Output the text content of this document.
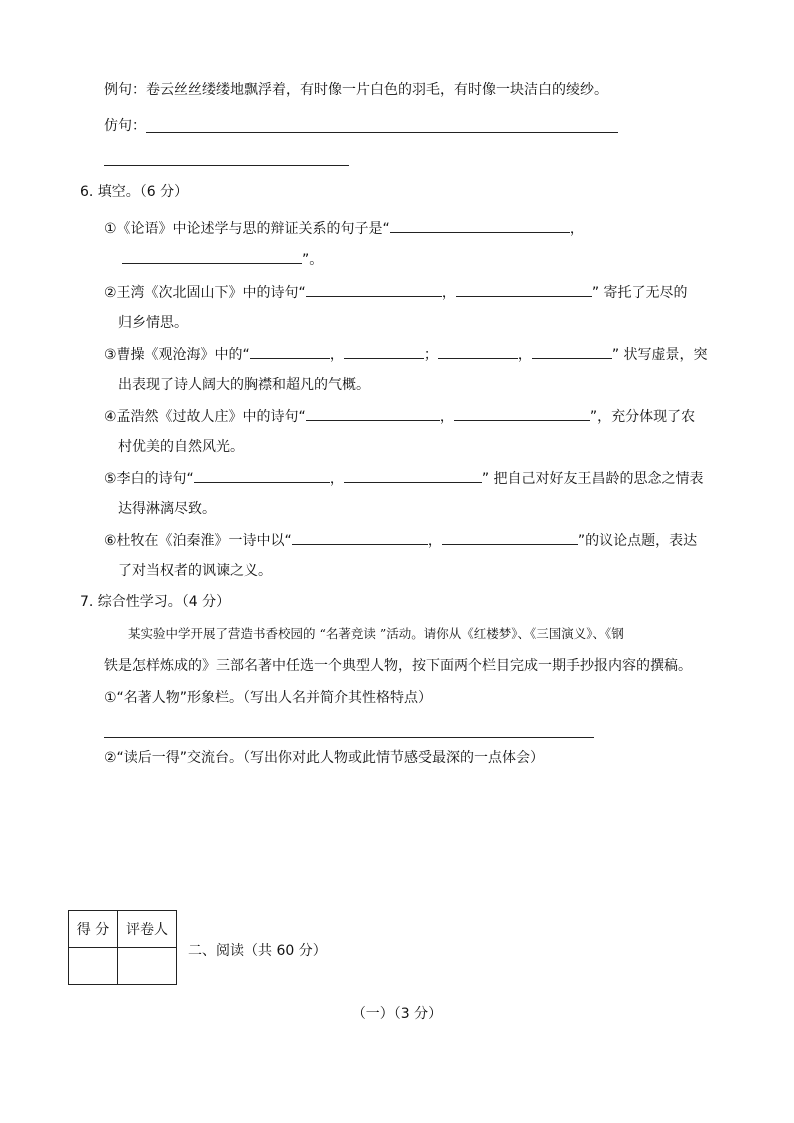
例句：卷云丝丝缕缕地飘浮着，有时像一片白色的羽毛，有时像一块洁白的绫纱。
仿句：
6. 填空。（6 分）
①《论语》中论述学与思的辩证关系的句子是“	，
”。
②王湾《次北固山下》中的诗句“	，	” 寄托了无尽的
归乡情思。
③曹操《观沧海》中的“	，	；	，	” 状写虚景，突
出表现了诗人阔大的胸襟和超凡的气概。
④孟浩然《过故人庄》中的诗句“	，	”，充分体现了农
村优美的自然风光。
⑤李白的诗句“	，	” 把自己对好友王昌龄的思念之情表
达得淋漓尽致。
⑥杜牧在《泊秦淮》一诗中以“	，	”的议论点题，表达
了对当权者的讽谏之义。
7. 综合性学习。（4 分）
某实验中学开展了营造书香校园的 “名著竞读 ”活动。请你从《红楼梦》、《三国演义》、《钢
铁是怎样炼成的》三部名著中任选一个典型人物，按下面两个栏目完成一期手抄报内容的撰稿。
①“名著人物”形象栏。（写出人名并简介其性格特点）
②“读后一得”交流台。（写出你对此人物或此情节感受最深的一点体会）
得 分	评卷人

二、阅读（共 60 分）
（一）（3 分）
